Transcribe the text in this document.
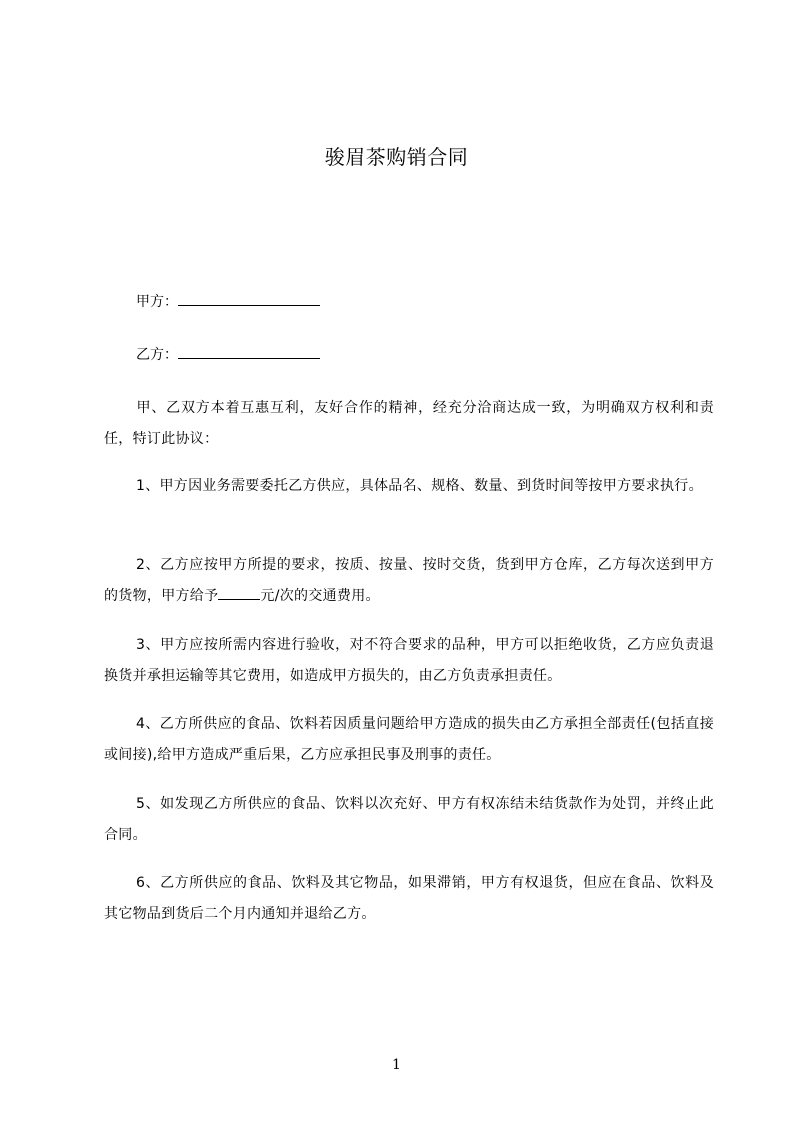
骏眉茶购销合同
甲方：
乙方：
甲、乙双方本着互惠互利，友好合作的精神，经充分洽商达成一致，为明确双方权利和责任，特订此协议：
1、甲方因业务需要委托乙方供应，具体品名、规格、数量、到货时间等按甲方要求执行。
2、乙方应按甲方所提的要求，按质、按量、按时交货，货到甲方仓库，乙方每次送到甲方的货物，甲方给予	元/次的交通费用。
3、甲方应按所需内容进行验收，对不符合要求的品种，甲方可以拒绝收货，乙方应负责退换货并承担运输等其它费用，如造成甲方损失的，由乙方负责承担责任。
4、乙方所供应的食品、饮料若因质量问题给甲方造成的损失由乙方承担全部责任(包括直接或间接),给甲方造成严重后果，乙方应承担民事及刑事的责任。
5、如发现乙方所供应的食品、饮料以次充好、甲方有权冻结未结货款作为处罚，并终止此合同。
6、乙方所供应的食品、饮料及其它物品，如果滞销，甲方有权退货，但应在食品、饮料及其它物品到货后二个月内通知并退给乙方。
1
